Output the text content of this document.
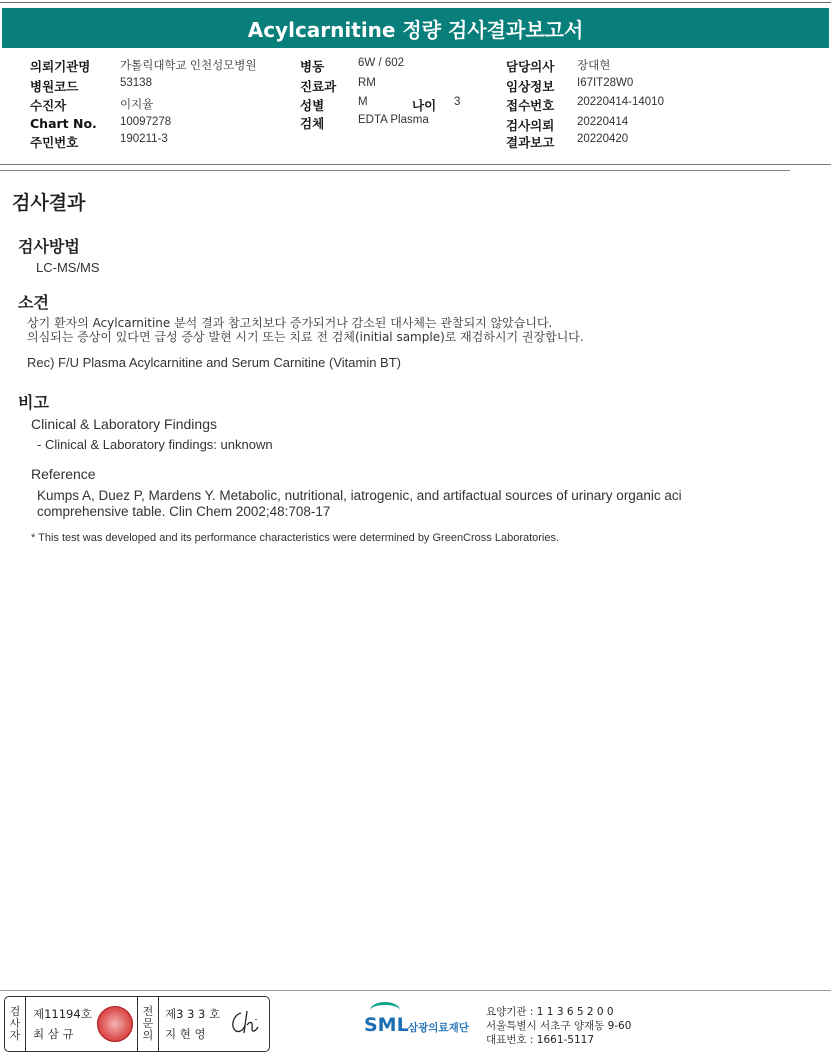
Acylcarnitine 정량 검사결과보고서
의뢰기관명	가톨릭대학교 인천성모병원
병원코드	53138
수진자	이지율
Chart No. 10097278
주민번호	190211-3
병동	6W / 602
진료과 RM
성별	M	나이 3
검체	EDTA Plasma
담당의사 장대현
임상정보 I67IT28W0
접수번호 20220414-14010
검사의뢰 20220414
결과보고 20220420
검사결과
검사방법
LC-MS/MS
소견
상기 환자의 Acylcarnitine 분석 결과 참고치보다 증가되거나 감소된 대사체는 관찰되지 않았습니다.
의심되는 증상이 있다면 급성 증상 발현 시기 또는 치료 전 검체(initial sample)로 재검하시기 권장합니다.
Rec) F/U Plasma Acylcarnitine and Serum Carnitine (Vitamin BT)
비고
Clinical & Laboratory Findings
- Clinical & Laboratory findings: unknown
Reference
Kumps A, Duez P, Mardens Y. Metabolic, nutritional, iatrogenic, and artifactual sources of urinary organic aci
comprehensive table. Clin Chem 2002;48:708-17
* This test was developed and its performance characteristics were determined by GreenCross Laboratories.
검
사
자
제11194호
최 삼 규
전
문
의
제3 3 3 호
지 현 영	SML 삼광의료재단
요양기관 : 1 1 3 6 5 2 0 0
서울특별시 서초구 양재동 9-60
대표번호 : 1661-5117
